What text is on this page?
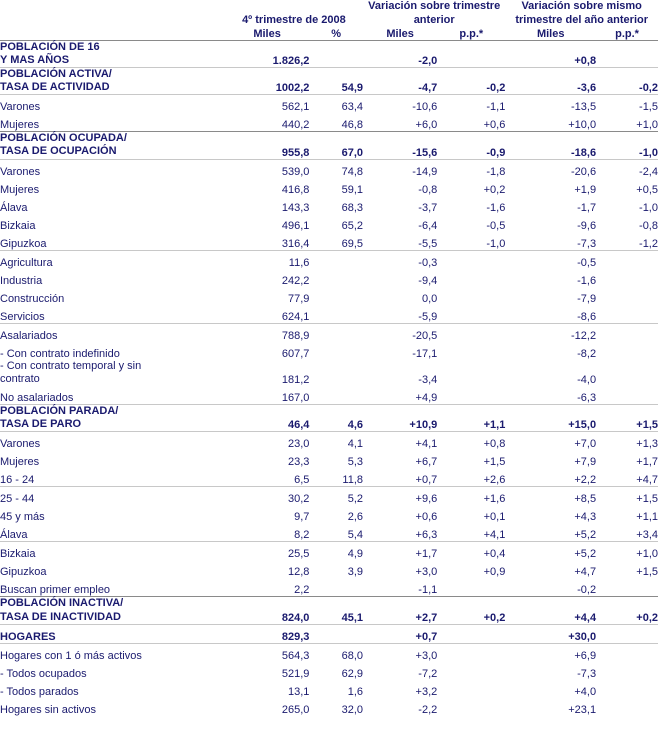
	4º trimestre de 2008		Variación sobre trimestre anterior		Variación sobre mismo trimestre del año anterior	
	Miles	%	Miles	p.p.*	Miles	p.p.*

POBLACIÓN DE 16
Y MAS AÑOS	1.826,2		-2,0		+0,8	

POBLACIÓN ACTIVA/
TASA DE ACTIVIDAD	1002,2	54,9	-4,7	-0,2	-3,6	-0,2

Varones	562,1	63,4	-10,6	-1,1	-13,5	-1,5
Mujeres	440,2	46,8	+6,0	+0,6	+10,0	+1,0

POBLACIÓN OCUPADA/
TASA DE OCUPACIÓN	955,8	67,0	-15,6	-0,9	-18,6	-1,0

Varones	539,0	74,8	-14,9	-1,8	-20,6	-2,4
Mujeres	416,8	59,1	-0,8	+0,2	+1,9	+0,5
Álava	143,3	68,3	-3,7	-1,6	-1,7	-1,0
Bizkaia	496,1	65,2	-6,4	-0,5	-9,6	-0,8
Gipuzkoa	316,4	69,5	-5,5	-1,0	-7,3	-1,2

Agricultura	11,6		-0,3		-0,5	
Industria	242,2		-9,4		-1,6	
Construcción	77,9		0,0		-7,9	
Servicios	624,1		-5,9		-8,6	

Asalariados	788,9		-20,5		-12,2	
- Con contrato indefinido	607,7		-17,1		-8,2	

- Con contrato temporal y sin
contrato	181,2		-3,4		-4,0	
No asalariados	167,0		+4,9		-6,3	

POBLACIÓN PARADA/
TASA DE PARO	46,4	4,6	+10,9	+1,1	+15,0	+1,5

Varones	23,0	4,1	+4,1	+0,8	+7,0	+1,3
Mujeres	23,3	5,3	+6,7	+1,5	+7,9	+1,7
16 - 24	6,5	11,8	+0,7	+2,6	+2,2	+4,7

25 - 44	30,2	5,2	+9,6	+1,6	+8,5	+1,5
45 y más	9,7	2,6	+0,6	+0,1	+4,3	+1,1
Álava	8,2	5,4	+6,3	+4,1	+5,2	+3,4

Bizkaia	25,5	4,9	+1,7	+0,4	+5,2	+1,0
Gipuzkoa	12,8	3,9	+3,0	+0,9	+4,7	+1,5
Buscan primer empleo	2,2		-1,1		-0,2	

POBLACIÓN INACTIVA/
TASA DE INACTIVIDAD	824,0	45,1	+2,7	+0,2	+4,4	+0,2

HOGARES	829,3		+0,7		+30,0	

Hogares con 1 ó más activos	564,3	68,0	+3,0		+6,9	
- Todos ocupados	521,9	62,9	-7,2		-7,3	
- Todos parados	13,1	1,6	+3,2		+4,0	
Hogares sin activos	265,0	32,0	-2,2		+23,1	
